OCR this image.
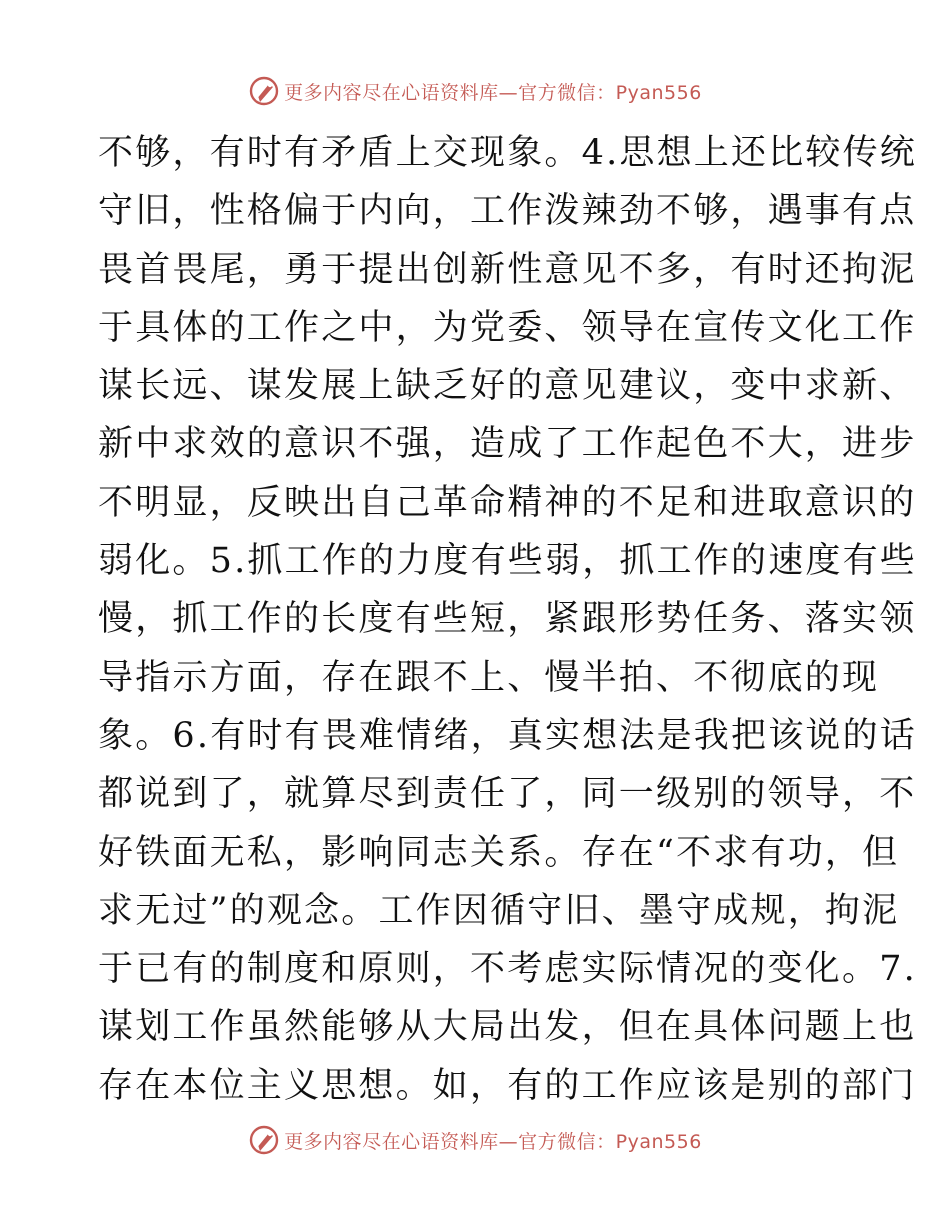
更多内容尽在心语资料库—官方微信：Pyan556
不够，有时有矛盾上交现象。4.思想上还比较传统
守旧，性格偏于内向，工作泼辣劲不够，遇事有点
畏首畏尾，勇于提出创新性意见不多，有时还拘泥
于具体的工作之中，为党委、领导在宣传文化工作
谋长远、谋发展上缺乏好的意见建议，变中求新、
新中求效的意识不强，造成了工作起色不大，进步
不明显，反映出自己革命精神的不足和进取意识的
弱化。5.抓工作的力度有些弱，抓工作的速度有些
慢，抓工作的长度有些短，紧跟形势任务、落实领
导指示方面，存在跟不上、慢半拍、不彻底的现
象。6.有时有畏难情绪，真实想法是我把该说的话
都说到了，就算尽到责任了，同一级别的领导，不
好铁面无私，影响同志关系。存在“不求有功，但
求无过”的观念。工作因循守旧、墨守成规，拘泥
于已有的制度和原则，不考虑实际情况的变化。7.
谋划工作虽然能够从大局出发，但在具体问题上也
存在本位主义思想。如，有的工作应该是别的部门
更多内容尽在心语资料库—官方微信：Pyan556
